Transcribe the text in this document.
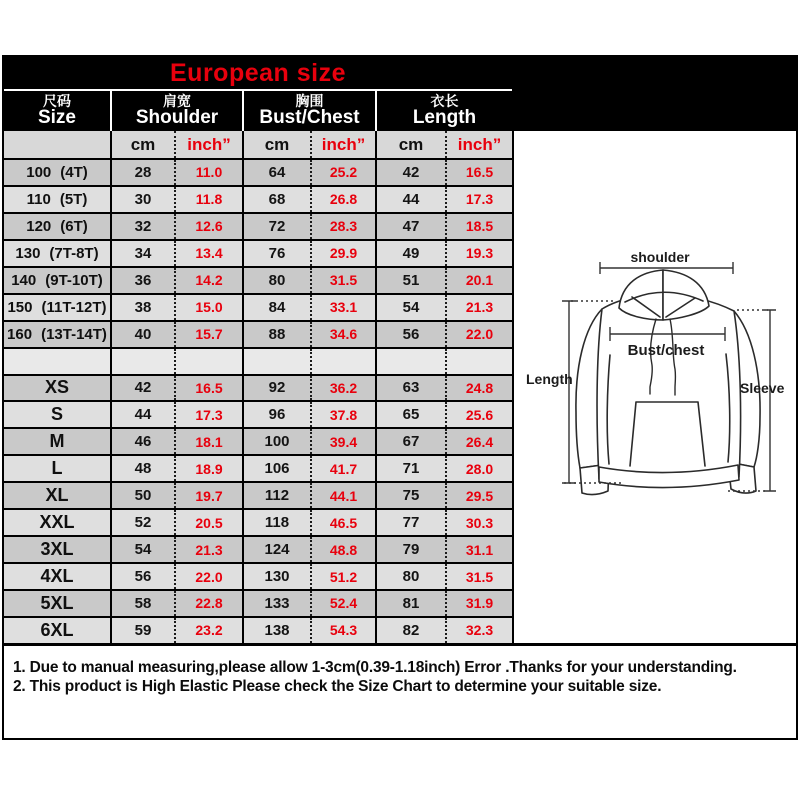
European size
尺码
Size
肩宽
Shoulder
胸围
Bust/Chest
衣长
Length
cm	inch”	cm	inch”	cm	inch”
100 (4T)	28	11.0	64	25.2	42	16.5
110 (5T)	30	11.8	68	26.8	44	17.3
120 (6T)	32	12.6	72	28.3	47	18.5
130 (7T-8T)	34	13.4	76	29.9	49	19.3
140 (9T-10T)	36	14.2	80	31.5	51	20.1
150 (11T-12T)	38	15.0	84	33.1	54	21.3
160 (13T-14T)	40	15.7	88	34.6	56	22.0
XS	42	16.5	92	36.2	63	24.8
S	44	17.3	96	37.8	65	25.6
M	46	18.1	100	39.4	67	26.4
L	48	18.9	106	41.7	71	28.0
XL	50	19.7	112	44.1	75	29.5
XXL	52	20.5	118	46.5	77	30.3
3XL	54	21.3	124	48.8	79	31.1
4XL	56	22.0	130	51.2	80	31.5
5XL	58	22.8	133	52.4	81	31.9
6XL	59	23.2	138	54.3	82	32.3
shoulder
Bust/chest
Length
Sleeve
1. Due to manual measuring,please allow 1-3cm(0.39-1.18inch) Error .Thanks for your understanding.
2. This product is High Elastic Please check the Size Chart to determine your suitable size.
